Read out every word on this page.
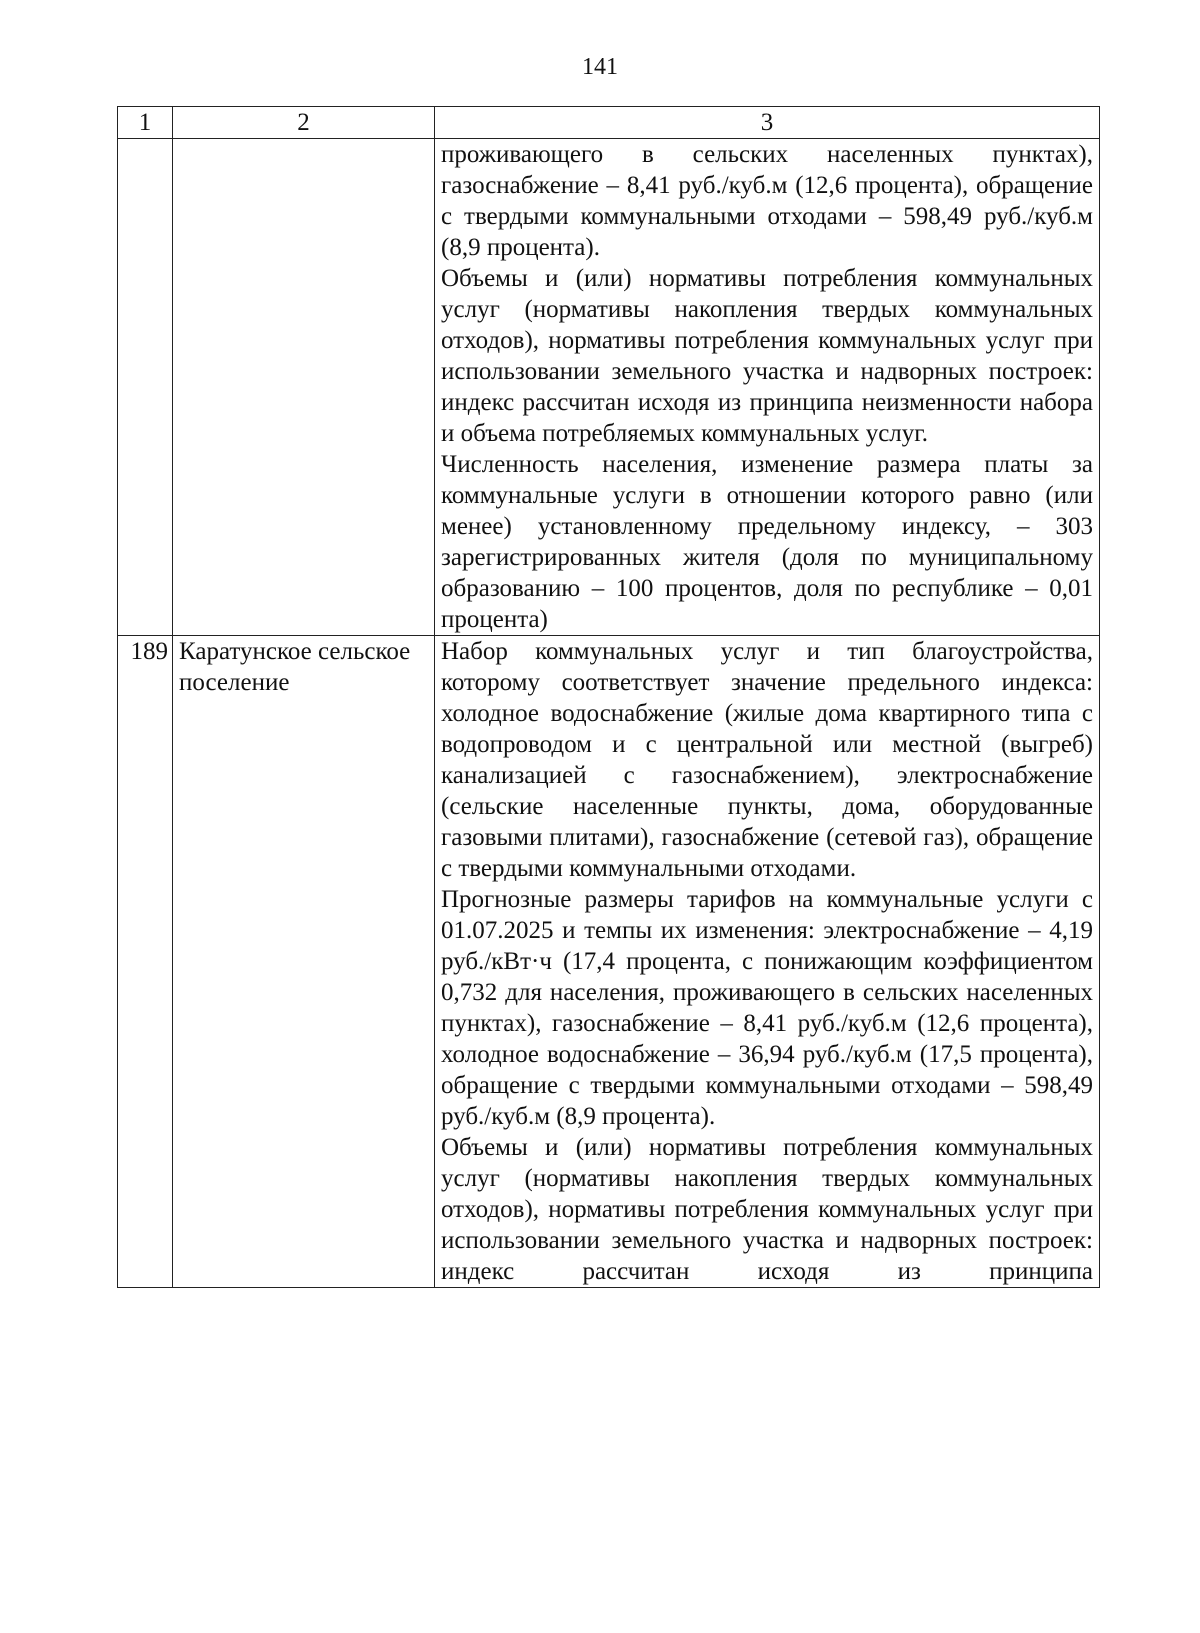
141
1	2	3

		проживающего в сельских населенных пунктах), газоснабжение – 8,41 руб./куб.м (12,6 процента), обращение с твердыми коммунальными отходами – 598,49 руб./куб.м (8,9 процента).

Объемы и (или) нормативы потребления коммунальных услуг (нормативы накопления твердых коммунальных отходов), нормативы потребления коммунальных услуг при использовании земельного участка и надворных построек: индекс рассчитан исходя из принципа неизменности набора и объема потребляемых коммунальных услуг.

Численность населения, изменение размера платы за коммунальные услуги в отношении которого равно (или менее) установленному предельному индексу, – 303 зарегистрированных жителя (доля по муниципальному образованию – 100 процентов, доля по республике – 0,01 процента)

189	Каратунское сельское поселение	Набор коммунальных услуг и тип благоустройства, которому соответствует значение предельного индекса: холодное водоснабжение (жилые дома квартирного типа с водопроводом и с центральной или местной (выгреб) канализацией с газоснабжением), электроснабжение (сельские населенные пункты, дома, оборудованные газовыми плитами), газоснабжение (сетевой газ), обращение с твердыми коммунальными отходами.

Прогнозные размеры тарифов на коммунальные услуги с 01.07.2025 и темпы их изменения: электроснабжение – 4,19 руб./кВт·ч (17,4 процента, с понижающим коэффициентом 0,732 для населения, проживающего в сельских населенных пунктах), газоснабжение – 8,41 руб./куб.м (12,6 процента), холодное водоснабжение – 36,94 руб./куб.м (17,5 процента), обращение с твердыми коммунальными отходами – 598,49 руб./куб.м (8,9 процента).

Объемы и (или) нормативы потребления коммунальных услуг (нормативы накопления твердых коммунальных отходов), нормативы потребления коммунальных услуг при использовании земельного участка и надворных построек: индекс рассчитан исходя из принципа
